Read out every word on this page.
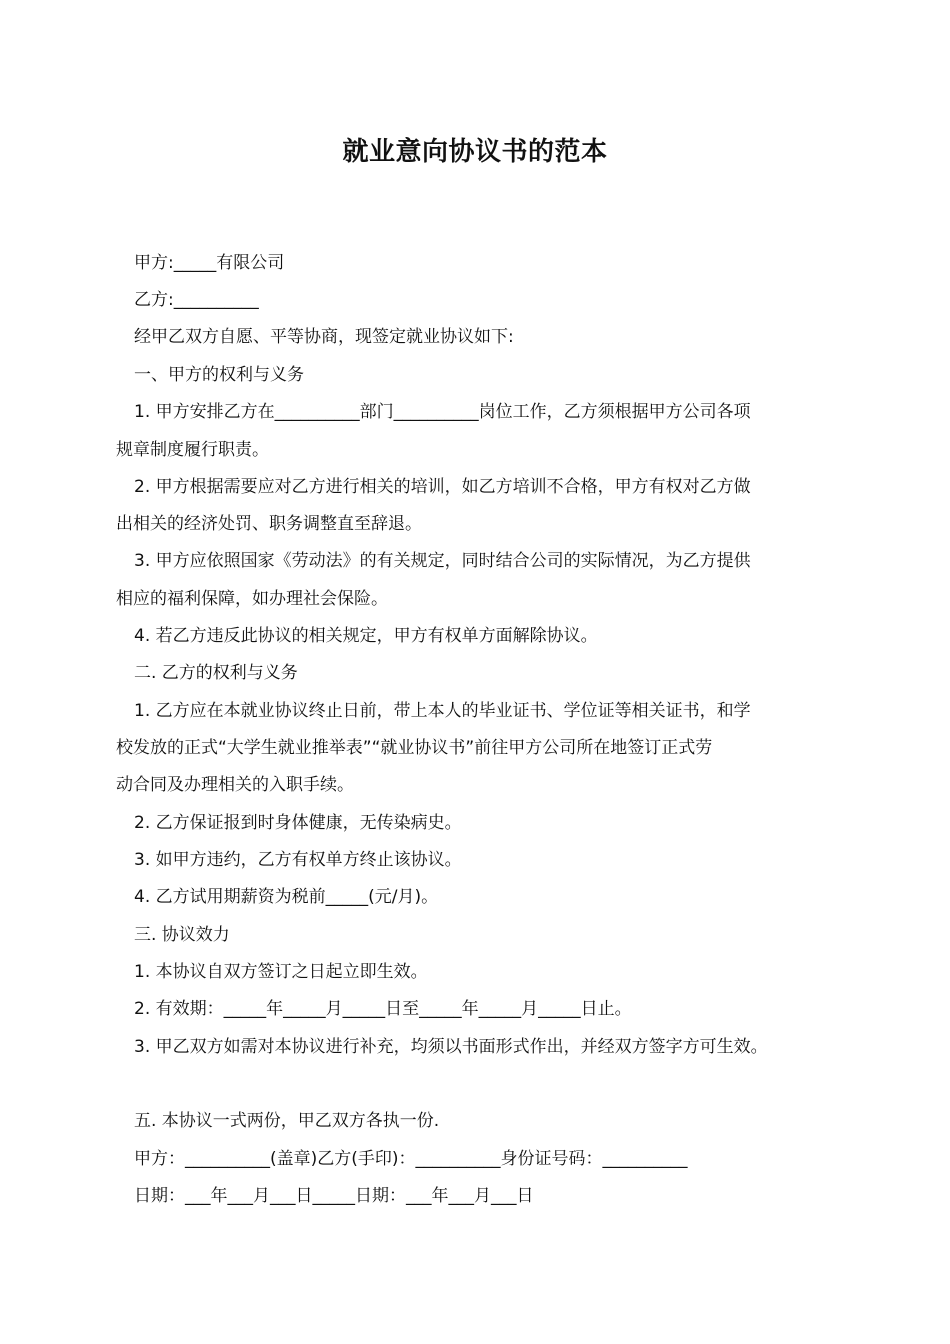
就业意向协议书的范本
甲方:_____有限公司
乙方:__________
经甲乙双方自愿、平等协商，现签定就业协议如下:
一、甲方的权利与义务
1. 甲方安排乙方在__________部门__________岗位工作，乙方须根据甲方公司各项
规章制度履行职责。
2. 甲方根据需要应对乙方进行相关的培训，如乙方培训不合格，甲方有权对乙方做
出相关的经济处罚、职务调整直至辞退。
3. 甲方应依照国家《劳动法》的有关规定，同时结合公司的实际情况，为乙方提供
相应的福利保障，如办理社会保险。
4. 若乙方违反此协议的相关规定，甲方有权单方面解除协议。
二. 乙方的权利与义务
1. 乙方应在本就业协议终止日前，带上本人的毕业证书、学位证等相关证书，和学
校发放的正式“大学生就业推举表”“就业协议书”前往甲方公司所在地签订正式劳
动合同及办理相关的入职手续。
2. 乙方保证报到时身体健康，无传染病史。
3. 如甲方违约，乙方有权单方终止该协议。
4. 乙方试用期薪资为税前_____(元/月)。
三. 协议效力
1. 本协议自双方签订之日起立即生效。
2. 有效期：_____年_____月_____日至_____年_____月_____日止。
3. 甲乙双方如需对本协议进行补充，均须以书面形式作出，并经双方签字方可生效。
五. 本协议一式两份，甲乙双方各执一份.
甲方：__________(盖章)乙方(手印)：__________身份证号码：__________
日期：___年___月___日_____日期：___年___月___日
